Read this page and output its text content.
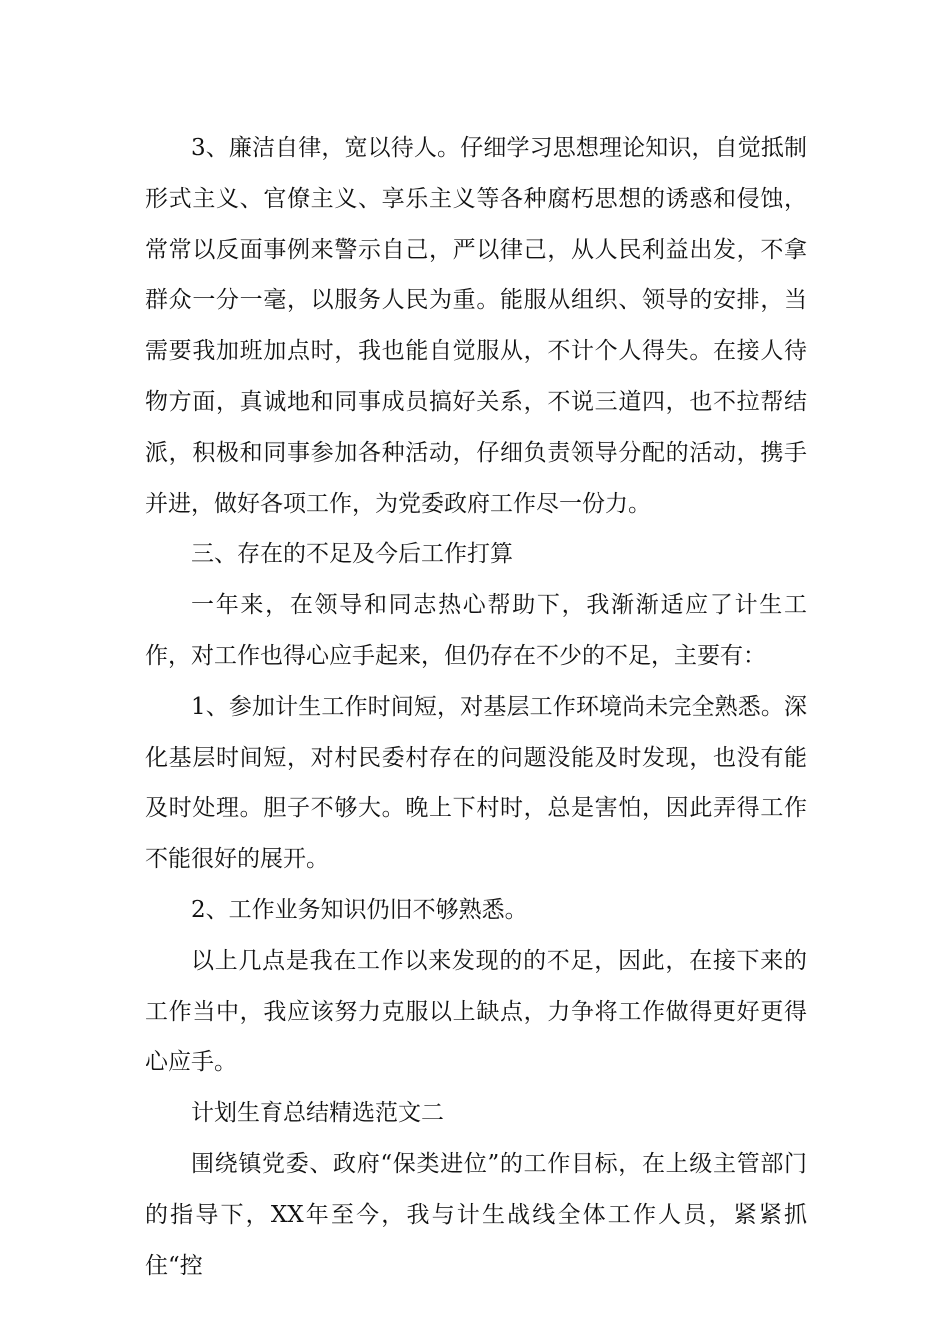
3、廉洁自律，宽以待人。仔细学习思想理论知识，自觉抵制形式主义、官僚主义、享乐主义等各种腐朽思想的诱惑和侵蚀，常常以反面事例来警示自己，严以律己，从人民利益出发，不拿群众一分一毫，以服务人民为重。能服从组织、领导的安排，当需要我加班加点时，我也能自觉服从，不计个人得失。在接人待物方面，真诚地和同事成员搞好关系，不说三道四，也不拉帮结派，积极和同事参加各种活动，仔细负责领导分配的活动，携手并进，做好各项工作，为党委政府工作尽一份力。

三、存在的不足及今后工作打算

一年来，在领导和同志热心帮助下，我渐渐适应了计生工作，对工作也得心应手起来，但仍存在不少的不足，主要有：

1、参加计生工作时间短，对基层工作环境尚未完全熟悉。深化基层时间短，对村民委村存在的问题没能及时发现，也没有能及时处理。胆子不够大。晚上下村时，总是害怕，因此弄得工作不能很好的展开。

2、工作业务知识仍旧不够熟悉。

以上几点是我在工作以来发现的的不足，因此，在接下来的工作当中，我应该努力克服以上缺点，力争将工作做得更好更得心应手。

计划生育总结精选范文二

围绕镇党委、政府“保类进位”的工作目标，在上级主管部门的指导下，XX年至今，我与计生战线全体工作人员，紧紧抓住“控
